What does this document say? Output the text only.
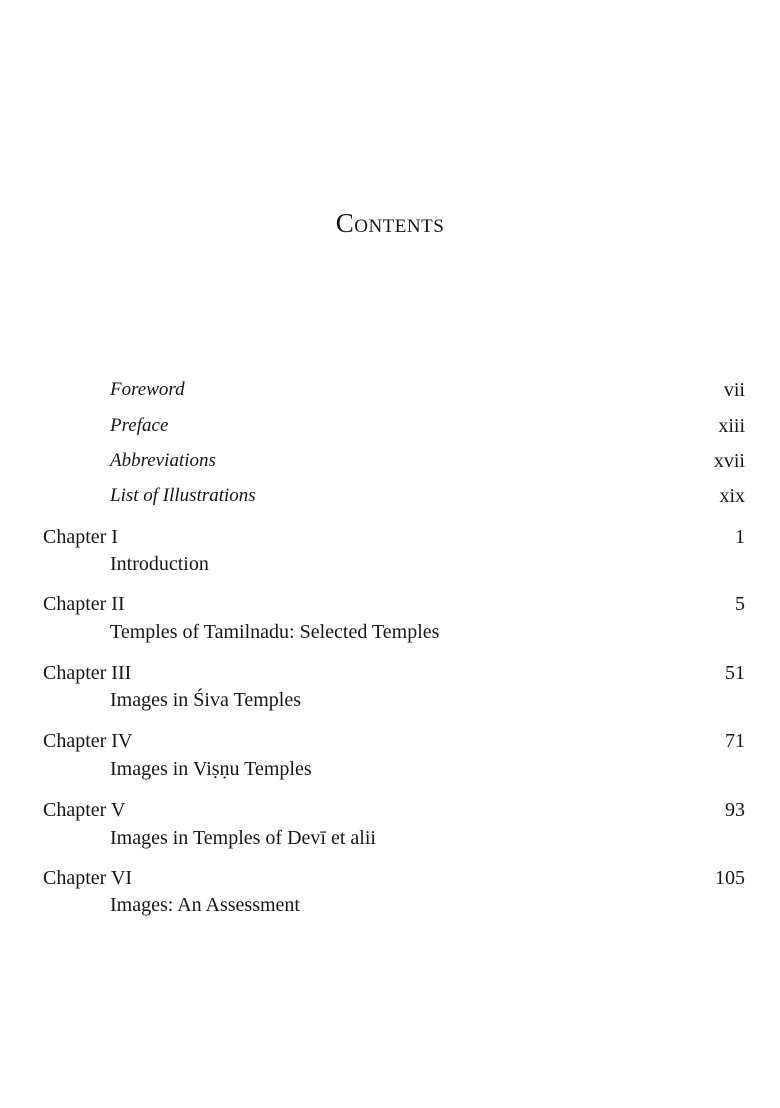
Contents
Foreword	vii
Preface	xiii
Abbreviations	xvii
List of Illustrations	xix
Chapter I	1
Introduction
Chapter II	5
Temples of Tamilnadu: Selected Temples
Chapter III	51
Images in Śiva Temples
Chapter IV	71
Images in Viṣṇu Temples
Chapter V	93
Images in Temples of Devī et alii
Chapter VI	105
Images: An Assessment
